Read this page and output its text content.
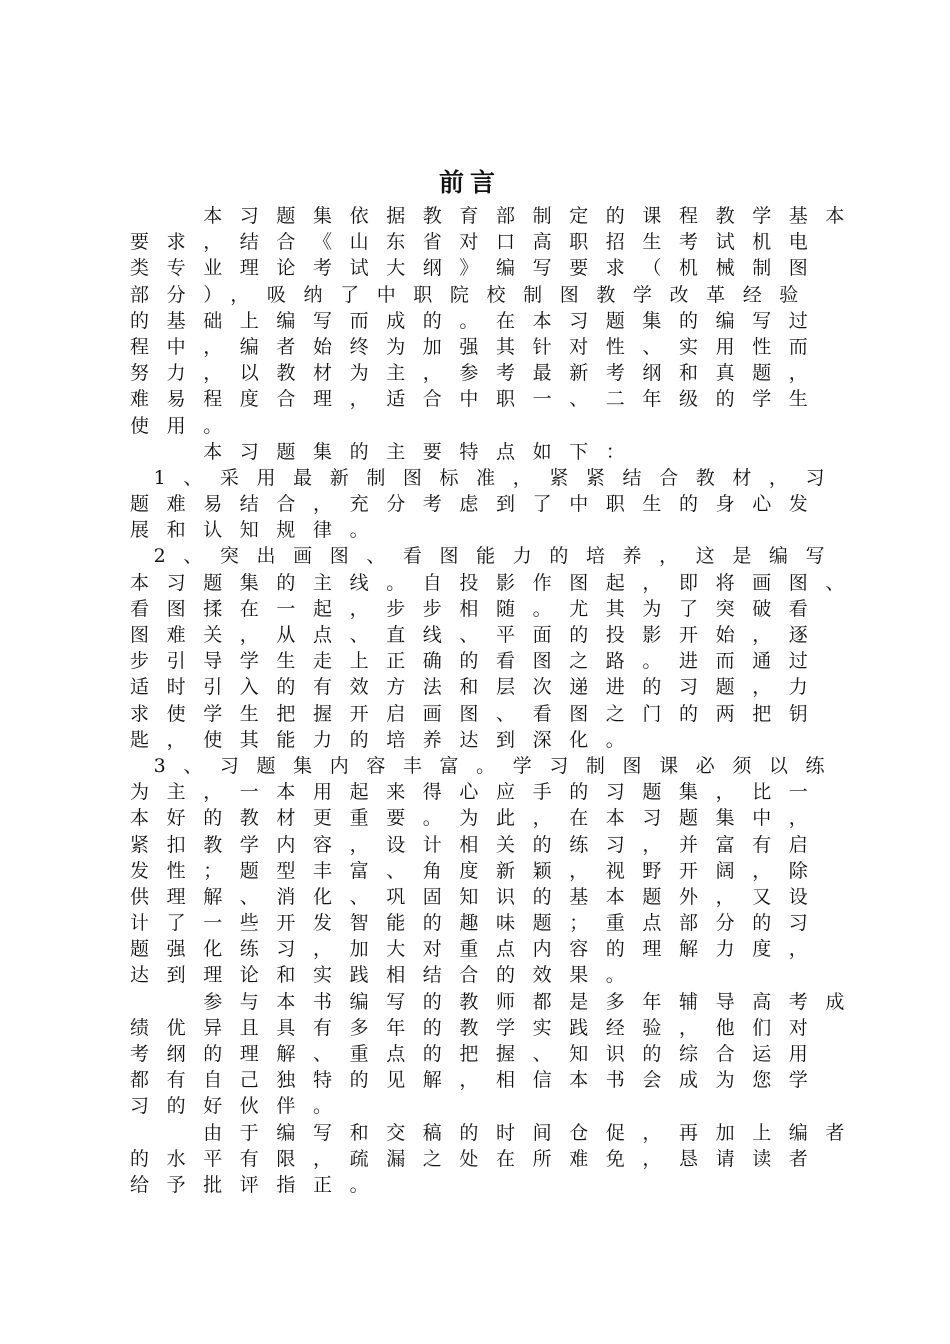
前言
　　本习题集依据教育部制定的课程教学基本
要求，结合《山东省对口高职招生考试机电
类专业理论考试大纲》编写要求（机械制图
部分），吸纳了中职院校制图教学改革经验
的基础上编写而成的。在本习题集的编写过
程中，编者始终为加强其针对性、实用性而
努力，以教材为主，参考最新考纲和真题，
难易程度合理，适合中职一、二年级的学生
使用。
　　本习题集的主要特点如下：
1、采用最新制图标准，紧紧结合教材，习
题难易结合，充分考虑到了中职生的身心发
展和认知规律。
2、突出画图、看图能力的培养，这是编写
本习题集的主线。自投影作图起，即将画图、
看图揉在一起，步步相随。尤其为了突破看
图难关，从点、直线、平面的投影开始，逐
步引导学生走上正确的看图之路。进而通过
适时引入的有效方法和层次递进的习题，力
求使学生把握开启画图、看图之门的两把钥
匙，使其能力的培养达到深化。
3、习题集内容丰富。学习制图课必须以练
为主，一本用起来得心应手的习题集，比一
本好的教材更重要。为此，在本习题集中，
紧扣教学内容，设计相关的练习，并富有启
发性；题型丰富、角度新颖，视野开阔，除
供理解、消化、巩固知识的基本题外，又设
计了一些开发智能的趣味题；重点部分的习
题强化练习，加大对重点内容的理解力度，
达到理论和实践相结合的效果。
　　参与本书编写的教师都是多年辅导高考成
绩优异且具有多年的教学实践经验，他们对
考纲的理解、重点的把握、知识的综合运用
都有自己独特的见解，相信本书会成为您学
习的好伙伴。
　　由于编写和交稿的时间仓促，再加上编者
的水平有限，疏漏之处在所难免，恳请读者
给予批评指正。
